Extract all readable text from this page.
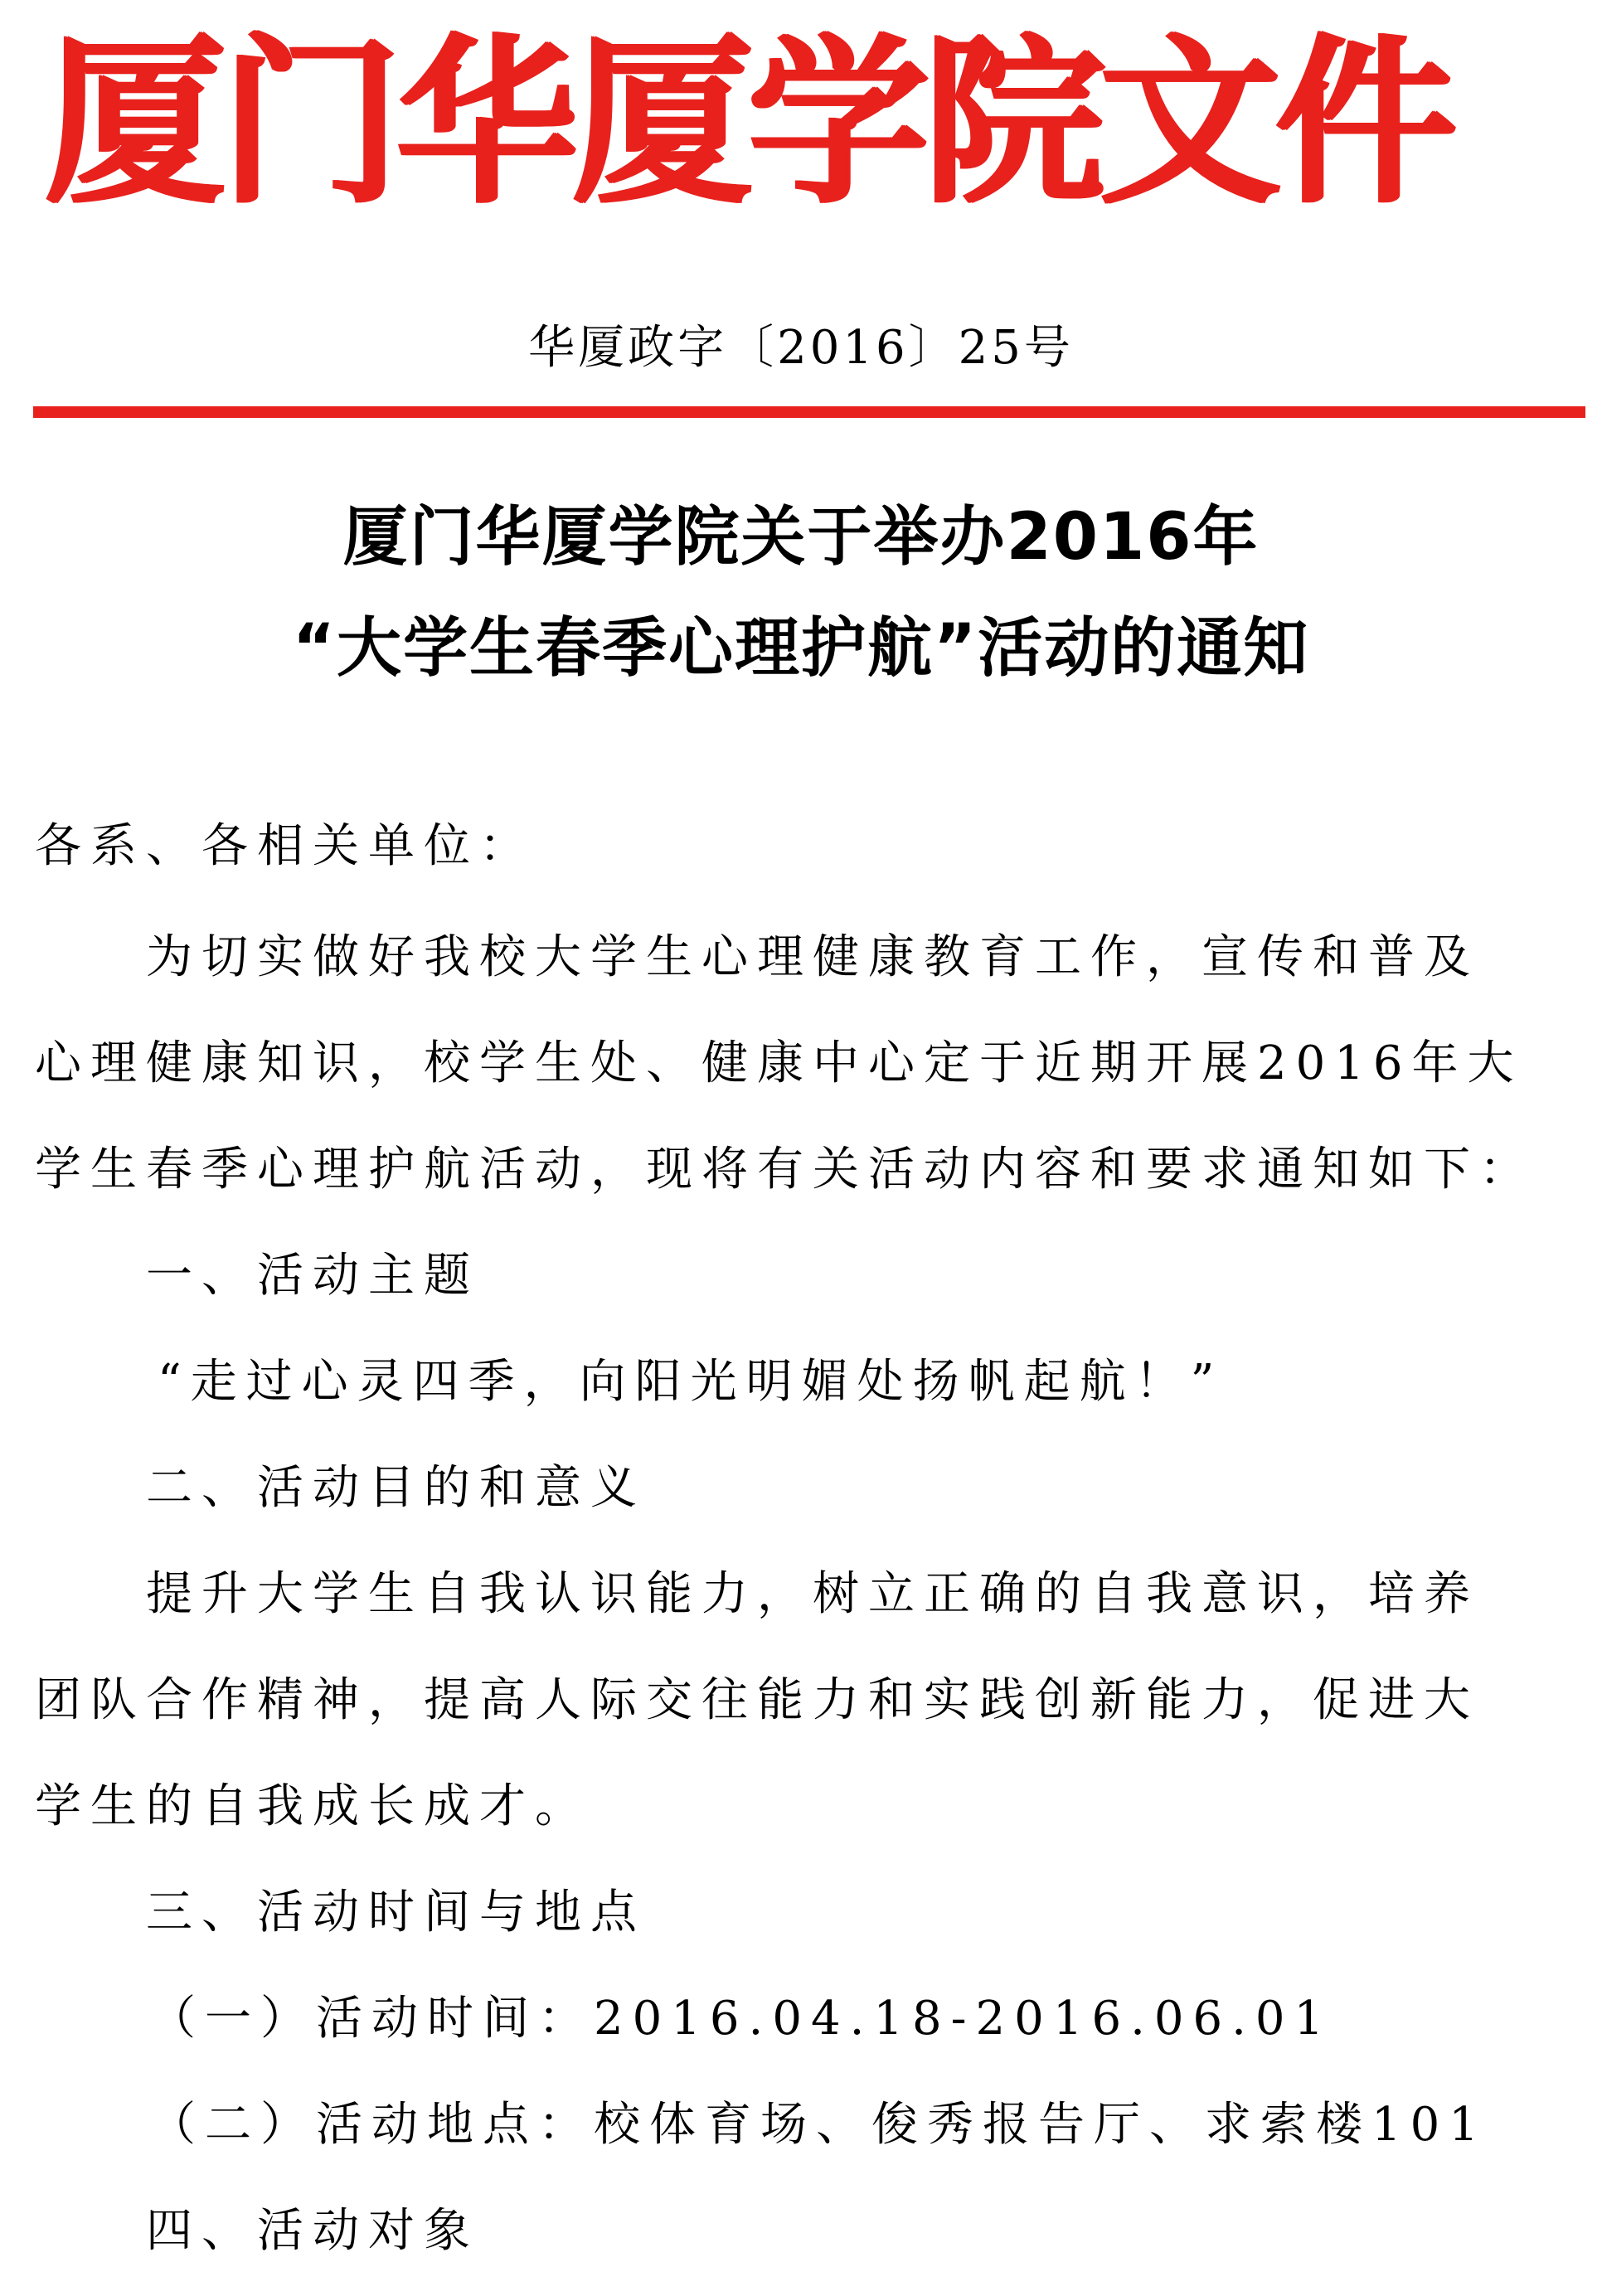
厦门华厦学院文件
华厦政字〔2016〕25号
厦门华厦学院关于举办2016年
“大学生春季心理护航”活动的通知
各系、各相关单位：
为切实做好我校大学生心理健康教育工作，宣传和普及
心理健康知识，校学生处、健康中心定于近期开展2016年大
学生春季心理护航活动，现将有关活动内容和要求通知如下：
一、活动主题
“走过心灵四季，向阳光明媚处扬帆起航！”
二、活动目的和意义
提升大学生自我认识能力，树立正确的自我意识，培养
团队合作精神，提高人际交往能力和实践创新能力，促进大
学生的自我成长成才。
三、活动时间与地点
（一）活动时间：2016.04.18-2016.06.01
（二）活动地点：校体育场、俊秀报告厅、求索楼101
四、活动对象
